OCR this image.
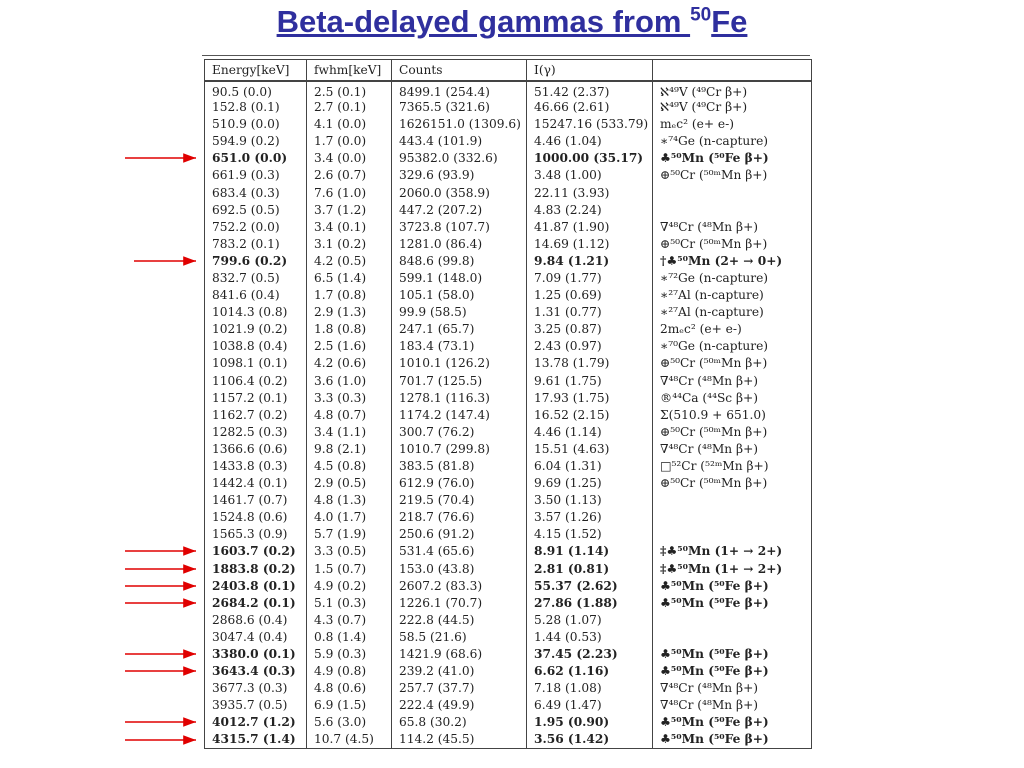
Beta-delayed gammas from $^{50}$Fe
Energy[keV]	fwhm[keV]	Counts	I(γ)	
90.5 (0.0)	2.5 (0.1)	8499.1 (254.4)	51.42 (2.37)	ℵ⁴⁹V (⁴⁹Cr β+)
152.8 (0.1)	2.7 (0.1)	7365.5 (321.6)	46.66 (2.61)	ℵ⁴⁹V (⁴⁹Cr β+)
510.9 (0.0)	4.1 (0.0)	1626151.0 (1309.6)	15247.16 (533.79)	mₑc² (e+ e-)
594.9 (0.2)	1.7 (0.0)	443.4 (101.9)	4.46 (1.04)	∗⁷⁴Ge (n-capture)
651.0 (0.0)	3.4 (0.0)	95382.0 (332.6)	1000.00 (35.17)	♣⁵⁰Mn (⁵⁰Fe β+)
661.9 (0.3)	2.6 (0.7)	329.6 (93.9)	3.48 (1.00)	⊕⁵⁰Cr (⁵⁰ᵐMn β+)
683.4 (0.3)	7.6 (1.0)	2060.0 (358.9)	22.11 (3.93)	
692.5 (0.5)	3.7 (1.2)	447.2 (207.2)	4.83 (2.24)	
752.2 (0.0)	3.4 (0.1)	3723.8 (107.7)	41.87 (1.90)	∇⁴⁸Cr (⁴⁸Mn β+)
783.2 (0.1)	3.1 (0.2)	1281.0 (86.4)	14.69 (1.12)	⊕⁵⁰Cr (⁵⁰ᵐMn β+)
799.6 (0.2)	4.2 (0.5)	848.6 (99.8)	9.84 (1.21)	†♣⁵⁰Mn (2+ → 0+)
832.7 (0.5)	6.5 (1.4)	599.1 (148.0)	7.09 (1.77)	∗⁷²Ge (n-capture)
841.6 (0.4)	1.7 (0.8)	105.1 (58.0)	1.25 (0.69)	∗²⁷Al (n-capture)
1014.3 (0.8)	2.9 (1.3)	99.9 (58.5)	1.31 (0.77)	∗²⁷Al (n-capture)
1021.9 (0.2)	1.8 (0.8)	247.1 (65.7)	3.25 (0.87)	2mₑc² (e+ e-)
1038.8 (0.4)	2.5 (1.6)	183.4 (73.1)	2.43 (0.97)	∗⁷⁰Ge (n-capture)
1098.1 (0.1)	4.2 (0.6)	1010.1 (126.2)	13.78 (1.79)	⊕⁵⁰Cr (⁵⁰ᵐMn β+)
1106.4 (0.2)	3.6 (1.0)	701.7 (125.5)	9.61 (1.75)	∇⁴⁸Cr (⁴⁸Mn β+)
1157.2 (0.1)	3.3 (0.3)	1278.1 (116.3)	17.93 (1.75)	®⁴⁴Ca (⁴⁴Sc β+)
1162.7 (0.2)	4.8 (0.7)	1174.2 (147.4)	16.52 (2.15)	Σ(510.9 + 651.0)
1282.5 (0.3)	3.4 (1.1)	300.7 (76.2)	4.46 (1.14)	⊕⁵⁰Cr (⁵⁰ᵐMn β+)
1366.6 (0.6)	9.8 (2.1)	1010.7 (299.8)	15.51 (4.63)	∇⁴⁸Cr (⁴⁸Mn β+)
1433.8 (0.3)	4.5 (0.8)	383.5 (81.8)	6.04 (1.31)	□⁵²Cr (⁵²ᵐMn β+)
1442.4 (0.1)	2.9 (0.5)	612.9 (76.0)	9.69 (1.25)	⊕⁵⁰Cr (⁵⁰ᵐMn β+)
1461.7 (0.7)	4.8 (1.3)	219.5 (70.4)	3.50 (1.13)	
1524.8 (0.6)	4.0 (1.7)	218.7 (76.6)	3.57 (1.26)	
1565.3 (0.9)	5.7 (1.9)	250.6 (91.2)	4.15 (1.52)	
1603.7 (0.2)	3.3 (0.5)	531.4 (65.6)	8.91 (1.14)	‡♣⁵⁰Mn (1+ → 2+)
1883.8 (0.2)	1.5 (0.7)	153.0 (43.8)	2.81 (0.81)	‡♣⁵⁰Mn (1+ → 2+)
2403.8 (0.1)	4.9 (0.2)	2607.2 (83.3)	55.37 (2.62)	♣⁵⁰Mn (⁵⁰Fe β+)
2684.2 (0.1)	5.1 (0.3)	1226.1 (70.7)	27.86 (1.88)	♣⁵⁰Mn (⁵⁰Fe β+)
2868.6 (0.4)	4.3 (0.7)	222.8 (44.5)	5.28 (1.07)	
3047.4 (0.4)	0.8 (1.4)	58.5 (21.6)	1.44 (0.53)	
3380.0 (0.1)	5.9 (0.3)	1421.9 (68.6)	37.45 (2.23)	♣⁵⁰Mn (⁵⁰Fe β+)
3643.4 (0.3)	4.9 (0.8)	239.2 (41.0)	6.62 (1.16)	♣⁵⁰Mn (⁵⁰Fe β+)
3677.3 (0.3)	4.8 (0.6)	257.7 (37.7)	7.18 (1.08)	∇⁴⁸Cr (⁴⁸Mn β+)
3935.7 (0.5)	6.9 (1.5)	222.4 (49.9)	6.49 (1.47)	∇⁴⁸Cr (⁴⁸Mn β+)
4012.7 (1.2)	5.6 (3.0)	65.8 (30.2)	1.95 (0.90)	♣⁵⁰Mn (⁵⁰Fe β+)
4315.7 (1.4)	10.7 (4.5)	114.2 (45.5)	3.56 (1.42)	♣⁵⁰Mn (⁵⁰Fe β+)
